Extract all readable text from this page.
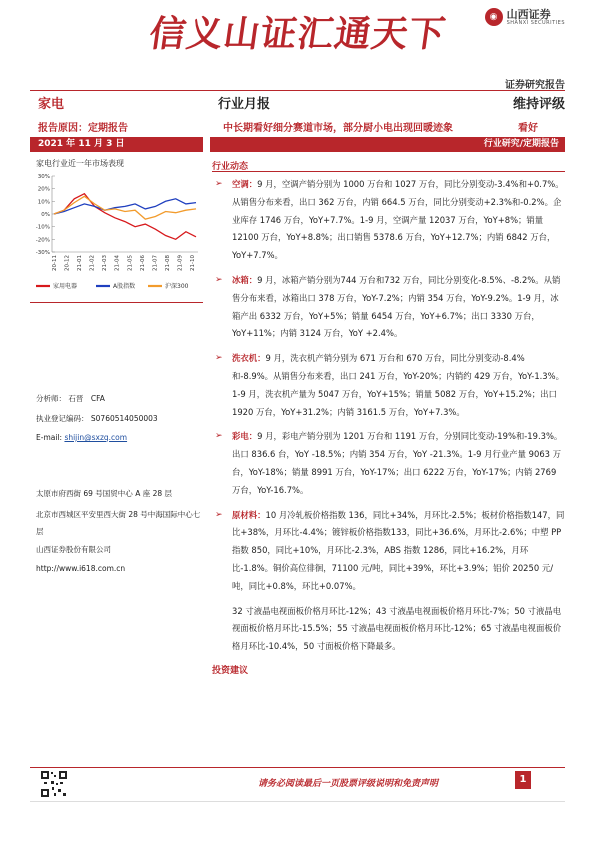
信义山证汇通天下	◉ 山西证券
SHANXI SECURITIES
证券研究报告
家电	行业月报	维持评级
报告原因：定期报告	中长期看好细分赛道市场，部分厨小电出现回暖迹象	看好
2021 年 11 月 3 日	行业研究/定期报告
家电行业近一年市场表现
30%
20%
10%
0%
-10%
-20%
-30%
20-11 20-12 21-01 21-02 21-03 21-04 21-05 21-06 21-07 21-08 21-09 21-10
家用电器	A股指数	沪深300
分析师： 石晋　CFA
执业登记编码： S0760514050003
E-mail: shijin@sxzq.com
太原市府西街 69 号国贸中心 A 座 28 层
北京市西城区平安里西大街 28 号中海国际中心七层
山西证券股份有限公司
http://www.i618.com.cn
行业动态
➢ 空调：9 月，空调产销分别为 1000 万台和 1027 万台，同比分别变动-3.4%和+0.7%。从销售分布来看，出口 362 万台，内销 664.5 万台，同比分别变动+2.3%和-0.2%。企业库存 1746 万台，YoY+7.7%。1-9 月，空调产量 12037 万台，YoY+8%；销量 12100 万台，YoY+8.8%；出口销售 5378.6 万台，YoY+12.7%；内销 6842 万台，YoY+7.7%。
➢ 冰箱：9 月，冰箱产销分别为744 万台和732 万台，同比分别变化-8.5%、-8.2%。从销售分布来看，冰箱出口 378 万台，YoY-7.2%；内销 354 万台，YoY-9.2%。1-9 月，冰箱产出 6332 万台，YoY+5%；销量 6454 万台，YoY+6.7%；出口 3330 万台，YoY+11%；内销 3124 万台，YoY +2.4%。
➢ 洗衣机：9 月，洗衣机产销分别为 671 万台和 670 万台，同比分别变动-8.4%和-8.9%。从销售分布来看，出口 241 万台，YoY-20%；内销约 429 万台，YoY-1.3%。1-9 月，洗衣机产量为 5047 万台，YoY+15%；销量 5082 万台，YoY+15.2%；出口 1920 万台，YoY+31.2%；内销 3161.5 万台，YoY+7.3%。
➢ 彩电：9 月，彩电产销分别为 1201 万台和 1191 万台，分别同比变动-19%和-19.3%。出口 836.6 台，YoY -18.5%；内销 354 万台，YoY -21.3%。1-9 月行业产量 9063 万台，YoY-18%；销量 8991 万台，YoY-17%；出口 6222 万台，YoY-17%；内销 2769 万台，YoY-16.7%。
➢ 原材料：10 月冷轧板价格指数 136，同比+34%，月环比-2.5%；板材价格指数147，同比+38%，月环比-4.4%；镀锌板价格指数133，同比+36.6%，月环比-2.6%；中塑 PP 指数 850，同比+10%，月环比-2.3%，ABS 指数 1286，同比+16.2%，月环比-1.8%。铜价高位徘徊，71100 元/吨，同比+39%，环比+3.9%；铝价 20250 元/吨，同比+0.8%，环比+0.07%。
32 寸液晶电视面板价格月环比-12%；43 寸液晶电视面板价格月环比-7%；50 寸液晶电视面板价格月环比-15.5%；55 寸液晶电视面板价格月环比-12%；65 寸液晶电视面板价格月环比-10.4%，50 寸面板价格下降最多。
投资建议
请务必阅读最后一页股票评级说明和免责声明	1
